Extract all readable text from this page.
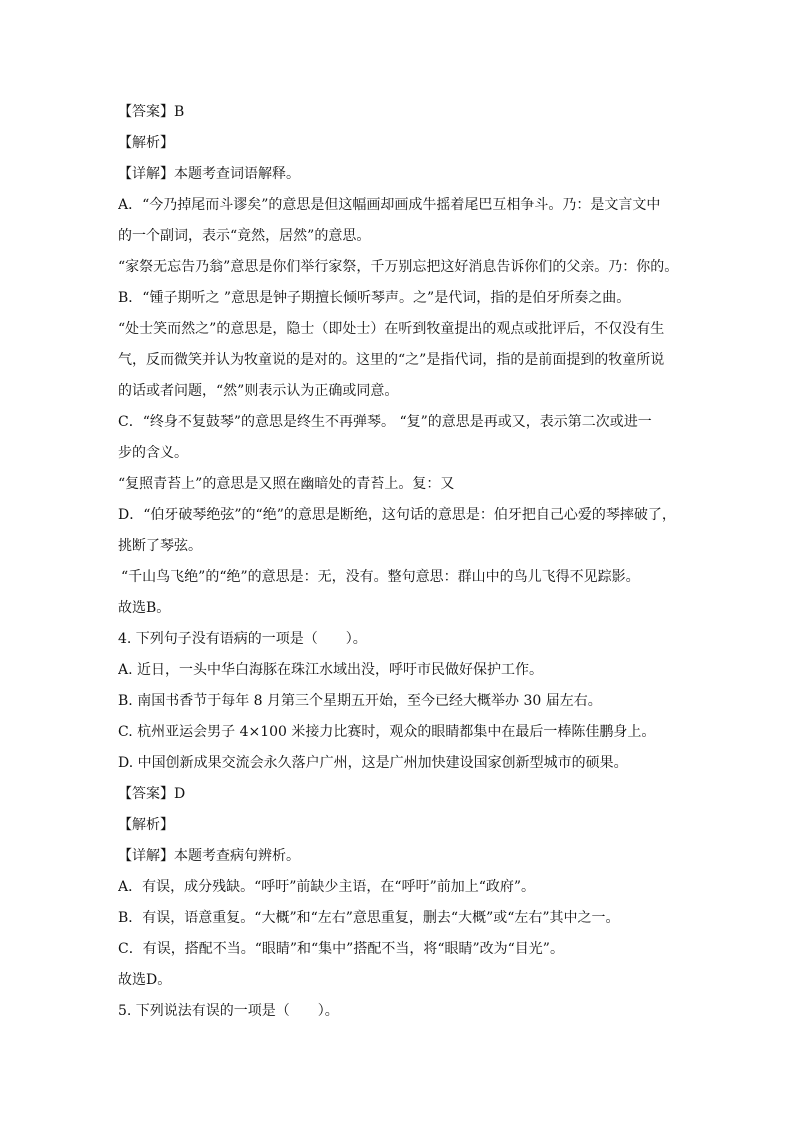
【答案】B
【解析】
【详解】本题考查词语解释。
A．“今乃掉尾而斗谬矣”的意思是但这幅画却画成牛摇着尾巴互相争斗。乃：是文言文中
的一个副词，表示“竟然，居然”的意思。
“家祭无忘告乃翁”意思是你们举行家祭，千万别忘把这好消息告诉你们的父亲。乃：你的。
B．“锺子期听之 ”意思是钟子期擅长倾听琴声。之”是代词，指的是伯牙所奏之曲。
“处士笑而然之”的意思是，隐士（即处士）在听到牧童提出的观点或批评后，不仅没有生
气，反而微笑并认为牧童说的是对的。这里的“之”是指代词，指的是前面提到的牧童所说
的话或者问题，“然”则表示认为正确或同意。
C．“终身不复鼓琴”的意思是终生不再弹琴。 “复”的意思是再或又，表示第二次或进一
步的含义。
“复照青苔上”的意思是又照在幽暗处的青苔上。复：又
D．“伯牙破琴绝弦”的“绝”的意思是断绝，这句话的意思是：伯牙把自己心爱的琴摔破了，
挑断了琴弦。
“千山鸟飞绝”的“绝”的意思是：无，没有。整句意思：群山中的鸟儿飞得不见踪影。
故选B。
4. 下列句子没有语病的一项是（　　）。
A. 近日，一头中华白海豚在珠江水域出没，呼吁市民做好保护工作。
B. 南国书香节于每年 8 月第三个星期五开始，至今已经大概举办 30 届左右。
C. 杭州亚运会男子 4×100 米接力比赛时，观众的眼睛都集中在最后一棒陈佳鹏身上。
D. 中国创新成果交流会永久落户广州，这是广州加快建设国家创新型城市的硕果。
【答案】D
【解析】
【详解】本题考查病句辨析。
A．有误，成分残缺。“呼吁”前缺少主语，在“呼吁”前加上“政府”。
B．有误，语意重复。“大概”和“左右”意思重复，删去“大概”或“左右”其中之一。
C．有误，搭配不当。“眼睛”和“集中”搭配不当，将“眼睛”改为“目光”。
故选D。
5. 下列说法有误的一项是（　　）。
